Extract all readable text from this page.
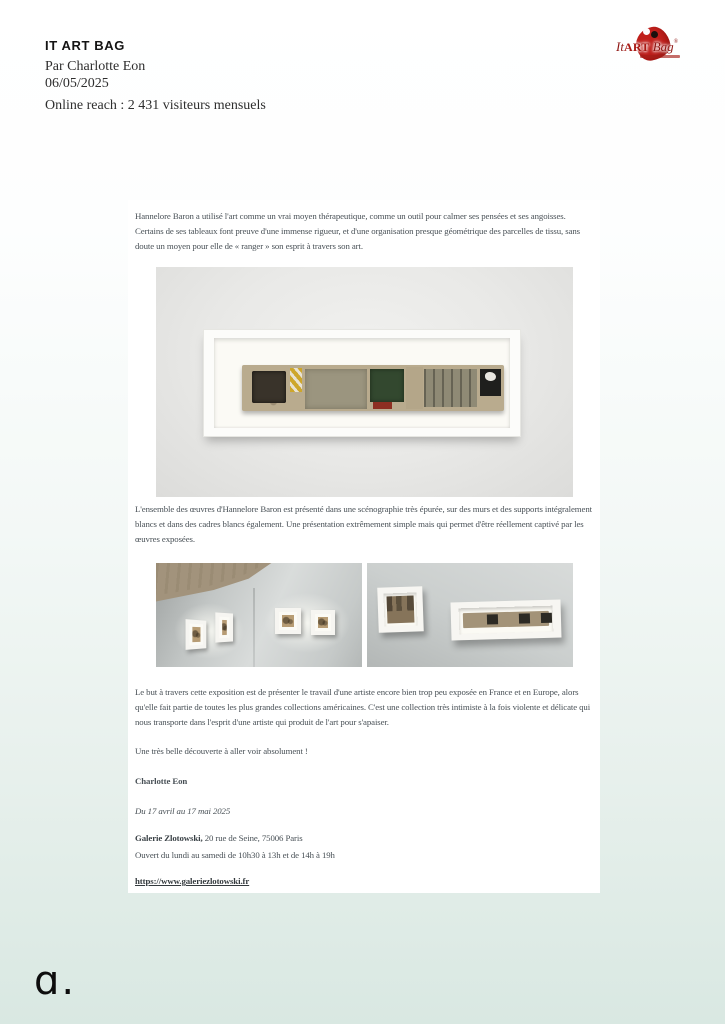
IT ART BAG
Par Charlotte Eon
06/05/2025
Online reach : 2 431 visiteurs mensuels
ItART Bag®

Hannelore Baron a utilisé l'art comme un vrai moyen thérapeutique, comme un outil pour calmer ses pensées et ses angoisses. Certains de ses tableaux font preuve d'une immense rigueur, et d'une organisation presque géométrique des parcelles de tissu, sans doute un moyen pour elle de « ranger » son esprit à travers son art.

L'ensemble des œuvres d'Hannelore Baron est présenté dans une scénographie très épurée, sur des murs et des supports intégralement blancs et dans des cadres blancs également. Une présentation extrêmement simple mais qui permet d'être réellement captivé par les œuvres exposées.

Le but à travers cette exposition est de présenter le travail d'une artiste encore bien trop peu exposée en France et en Europe, alors qu'elle fait partie de toutes les plus grandes collections américaines. C'est une collection très intimiste à la fois violente et délicate qui nous transporte dans l'esprit d'une artiste qui produit de l'art pour s'apaiser.

Une très belle découverte à aller voir absolument !

Charlotte Eon

Du 17 avril au 17 mai 2025

Galerie Zlotowski, 20 rue de Seine, 75006 Paris

Ouvert du lundi au samedi de 10h30 à 13h et de 14h à 19h

https://www.galeriezlotowski.fr
ɑ.
